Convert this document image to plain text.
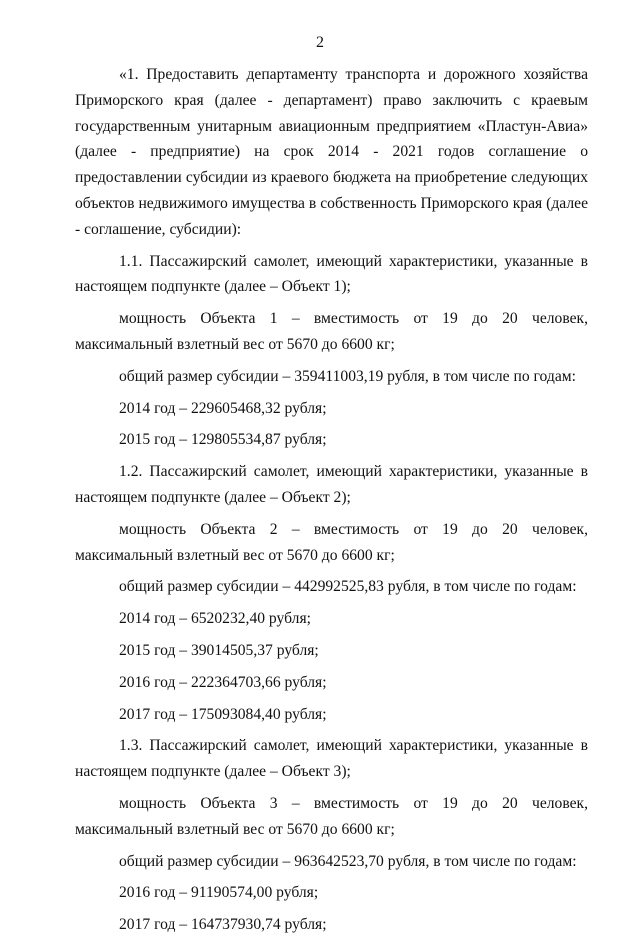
2

«1. Предоставить департаменту транспорта и дорожного хозяйства Приморского края (далее - департамент) право заключить с краевым государственным унитарным авиационным предприятием «Пластун-Авиа» (далее - предприятие) на срок 2014 - 2021 годов соглашение о предоставлении субсидии из краевого бюджета на приобретение следующих объектов недвижимого имущества в собственность Приморского края (далее - соглашение, субсидии):

1.1. Пассажирский самолет, имеющий характеристики, указанные в настоящем подпункте (далее – Объект 1);

мощность Объекта 1 – вместимость от 19 до 20 человек, максимальный взлетный вес от 5670 до 6600 кг;

общий размер субсидии – 359411003,19 рубля, в том числе по годам:

2014 год – 229605468,32 рубля;

2015 год – 129805534,87 рубля;

1.2. Пассажирский самолет, имеющий характеристики, указанные в настоящем подпункте (далее – Объект 2);

мощность Объекта 2 – вместимость от 19 до 20 человек, максимальный взлетный вес от 5670 до 6600 кг;

общий размер субсидии – 442992525,83 рубля, в том числе по годам:

2014 год – 6520232,40 рубля;

2015 год – 39014505,37 рубля;

2016 год – 222364703,66 рубля;

2017 год – 175093084,40 рубля;

1.3. Пассажирский самолет, имеющий характеристики, указанные в настоящем подпункте (далее – Объект 3);

мощность Объекта 3 – вместимость от 19 до 20 человек, максимальный взлетный вес от 5670 до 6600 кг;

общий размер субсидии – 963642523,70 рубля, в том числе по годам:

2016 год – 91190574,00 рубля;

2017 год – 164737930,74 рубля;
